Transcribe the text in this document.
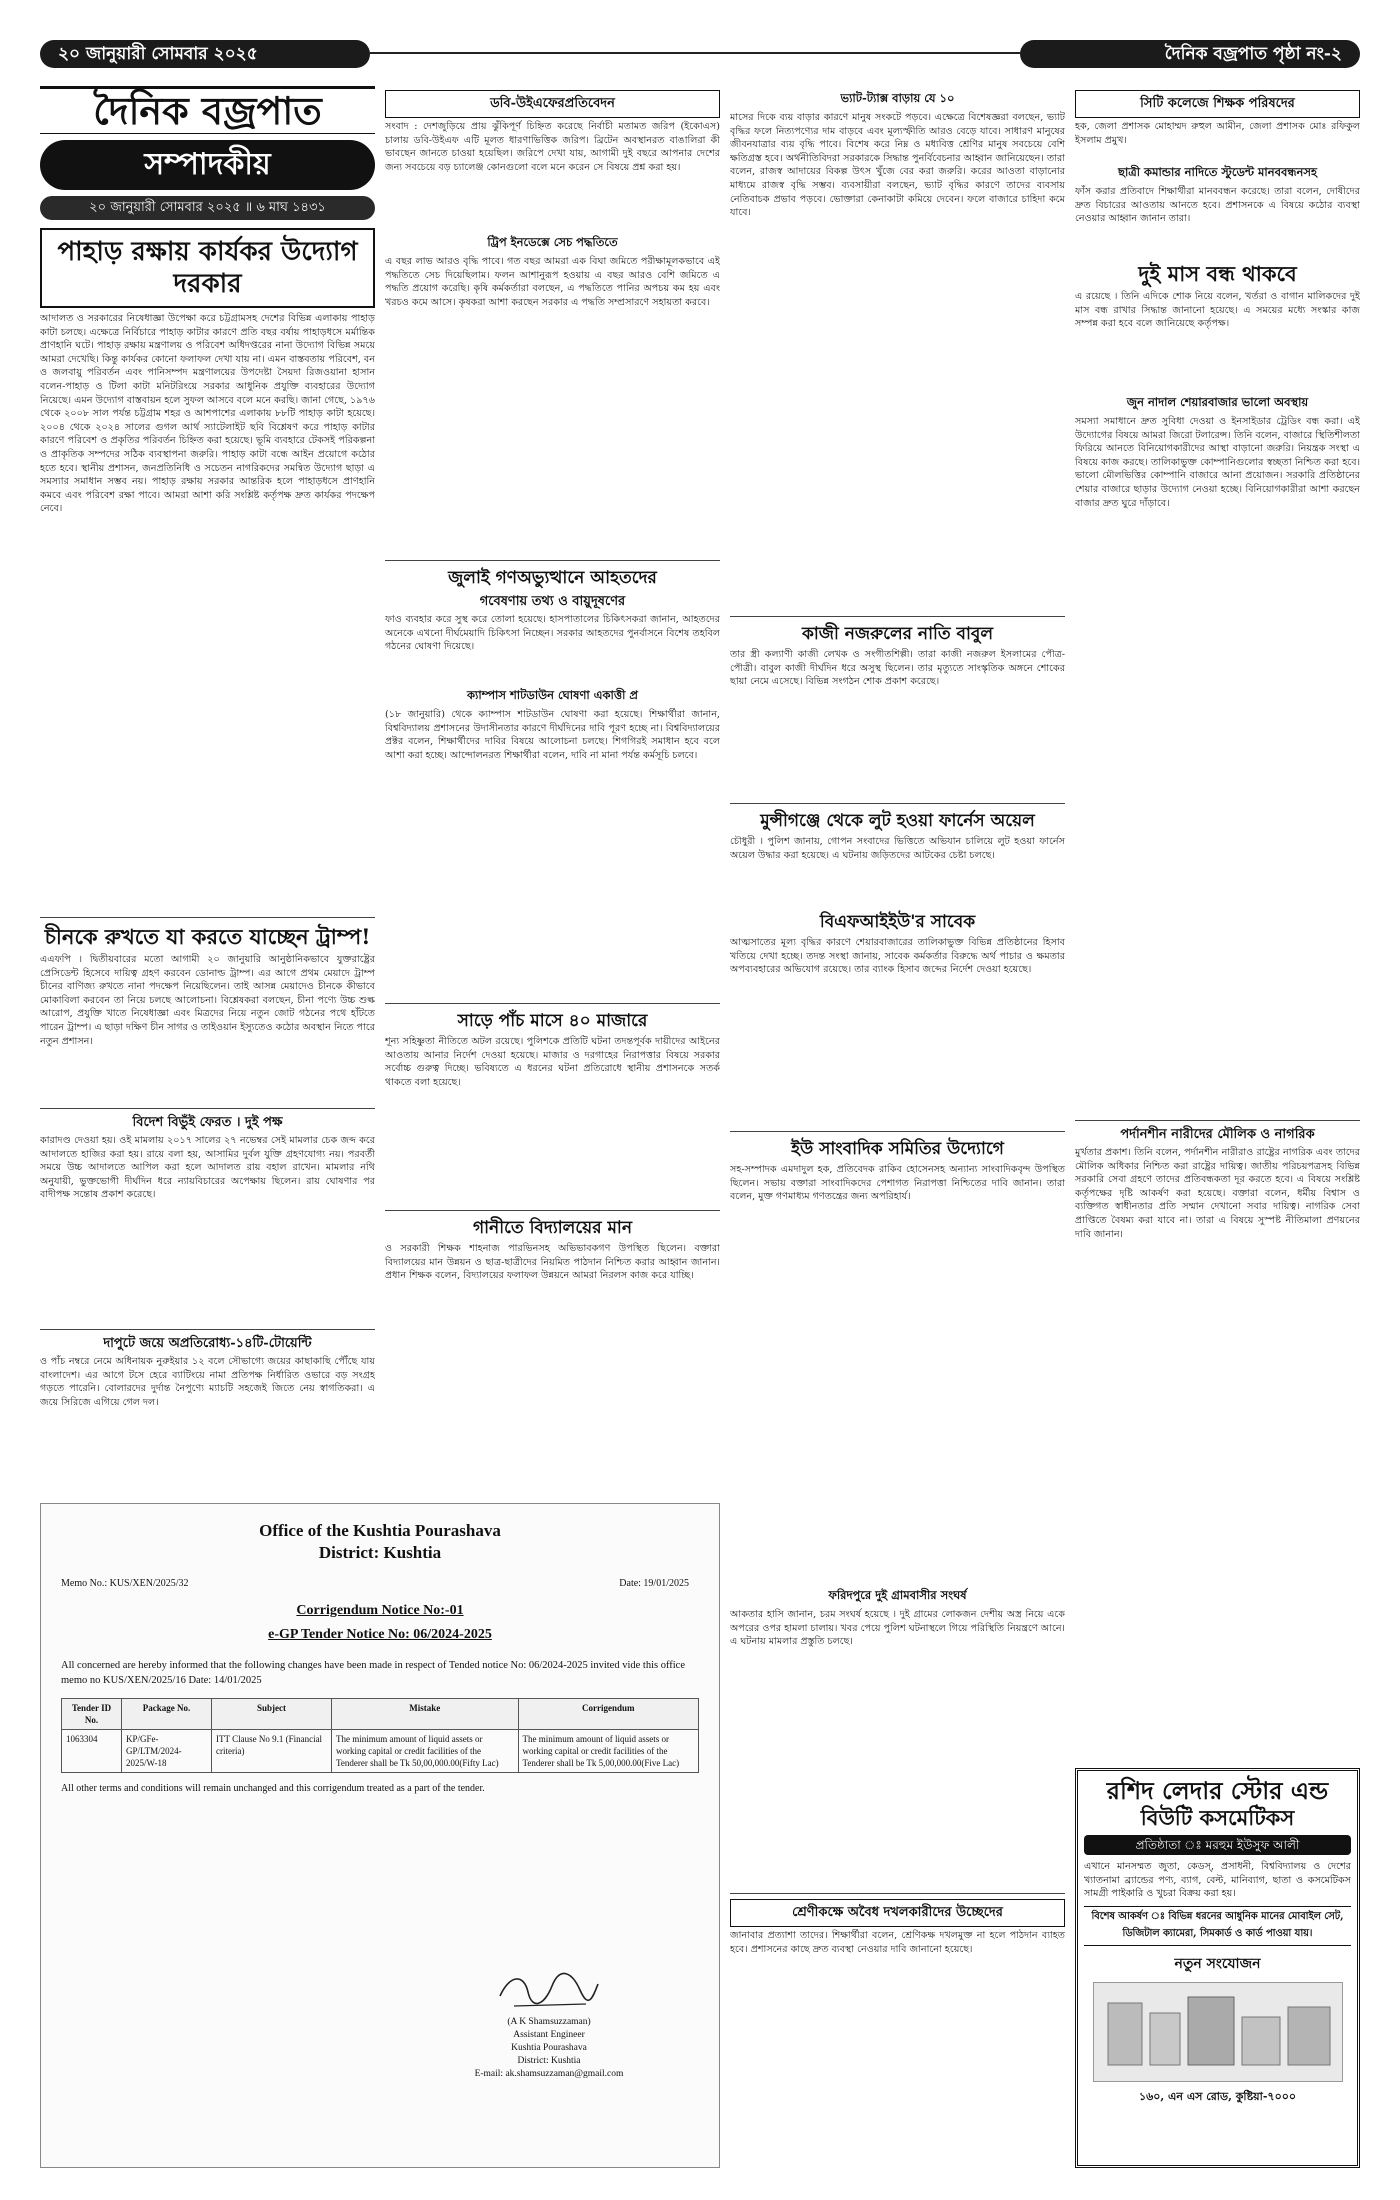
২০ জানুয়ারী সোমবার ২০২৫	দৈনিক বজ্রপাত পৃষ্ঠা নং-২
দৈনিক বজ্রপাত
সম্পাদকীয়
২০ জানুয়ারী সোমবার ২০২৫ ॥ ৬ মাঘ ১৪৩১
পাহাড় রক্ষায় কার্যকর উদ্যোগ দরকার
আদালত ও সরকারের নিষেধাজ্ঞা উপেক্ষা করে চট্টগ্রামসহ দেশের বিভিন্ন এলাকায় পাহাড় কাটা চলছে। এক্ষেত্রে নির্বিচারে পাহাড় কাটার কারণে প্রতি বছর বর্ষায় পাহাড়ধসে মর্মান্তিক প্রাণহানি ঘটে। পাহাড় রক্ষায় মন্ত্রণালয় ও পরিবেশ অধিদপ্তরের নানা উদ্যোগ বিভিন্ন সময়ে আমরা দেখেছি। কিন্তু কার্যকর কোনো ফলাফল দেখা যায় না। এমন বাস্তবতায় পরিবেশ, বন ও জলবায়ু পরিবর্তন এবং পানিসম্পদ মন্ত্রণালয়ের উপদেষ্টা সৈয়দা রিজওয়ানা হাসান বলেন-পাহাড় ও টিলা কাটা মনিটরিংয়ে সরকার আধুনিক প্রযুক্তি ব্যবহারের উদ্যোগ নিয়েছে। এমন উদ্যোগ বাস্তবায়ন হলে সুফল আসবে বলে মনে করছি। জানা গেছে, ১৯৭৬ থেকে ২০০৮ সাল পর্যন্ত চট্টগ্রাম শহর ও আশপাশের এলাকায় ৮৮টি পাহাড় কাটা হয়েছে। ২০০৪ থেকে ২০২৪ সালের গুগল আর্থ স্যাটেলাইট ছবি বিশ্লেষণ করে পাহাড় কাটার কারণে পরিবেশ ও প্রকৃতির পরিবর্তন চিহ্নিত করা হয়েছে। ভূমি ব্যবহারে টেকসই পরিকল্পনা ও প্রাকৃতিক সম্পদের সঠিক ব্যবস্থাপনা জরুরি। পাহাড় কাটা বন্ধে আইন প্রয়োগে কঠোর হতে হবে। স্থানীয় প্রশাসন, জনপ্রতিনিধি ও সচেতন নাগরিকদের সমন্বিত উদ্যোগ ছাড়া এ সমস্যার সমাধান সম্ভব নয়। পাহাড় রক্ষায় সরকার আন্তরিক হলে পাহাড়ধসে প্রাণহানি কমবে এবং পরিবেশ রক্ষা পাবে। আমরা আশা করি সংশ্লিষ্ট কর্তৃপক্ষ দ্রুত কার্যকর পদক্ষেপ নেবে।
চীনকে রুখতে যা করতে যাচ্ছেন ট্রাম্প!
এএফপি । দ্বিতীয়বারের মতো আগামী ২০ জানুয়ারি আনুষ্ঠানিকভাবে যুক্তরাষ্ট্রের প্রেসিডেন্ট হিসেবে দায়িত্ব গ্রহণ করবেন ডোনাল্ড ট্রাম্প। এর আগে প্রথম মেয়াদে ট্রাম্প চীনের বাণিজ্য রুখতে নানা পদক্ষেপ নিয়েছিলেন। তাই আসন্ন মেয়াদেও চীনকে কীভাবে মোকাবিলা করবেন তা নিয়ে চলছে আলোচনা। বিশ্লেষকরা বলছেন, চীনা পণ্যে উচ্চ শুল্ক আরোপ, প্রযুক্তি খাতে নিষেধাজ্ঞা এবং মিত্রদের নিয়ে নতুন জোট গঠনের পথে হাঁটতে পারেন ট্রাম্প। এ ছাড়া দক্ষিণ চীন সাগর ও তাইওয়ান ইস্যুতেও কঠোর অবস্থান নিতে পারে নতুন প্রশাসন।
বিদেশ বিভুঁই ফেরত । দুই পক্ষ
কারাদণ্ড দেওয়া হয়। ওই মামলায় ২০১৭ সালের ২৭ নভেম্বর সেই মামলার চেক জব্দ করে আদালতে হাজির করা হয়। রায়ে বলা হয়, আসামির দুর্বল যুক্তি গ্রহণযোগ্য নয়। পরবর্তী সময়ে উচ্চ আদালতে আপিল করা হলে আদালত রায় বহাল রাখেন। মামলার নথি অনুযায়ী, ভুক্তভোগী দীর্ঘদিন ধরে ন্যায়বিচারের অপেক্ষায় ছিলেন। রায় ঘোষণার পর বাদীপক্ষ সন্তোষ প্রকাশ করেছে।
দাপুটে জয়ে অপ্রতিরোধ্য-১৪টি-টোয়েন্টি
ও পাঁচ নম্বরে নেমে অধিনায়ক নুরুইয়ার ১২ বলে সৌভাগ্যে জয়ের কাছাকাছি পৌঁছে যায় বাংলাদেশ। এর আগে টসে হেরে ব্যাটিংয়ে নামা প্রতিপক্ষ নির্ধারিত ওভারে বড় সংগ্রহ গড়তে পারেনি। বোলারদের দুর্দান্ত নৈপুণ্যে ম্যাচটি সহজেই জিতে নেয় স্বাগতিকরা। এ জয়ে সিরিজে এগিয়ে গেল দল।
ডবি-উইএফেরপ্রতিবেদন
সংবাদ : দেশজুড়িয়ে প্রায় ঝুঁকিপূর্ণ চিহ্নিত করেছে নির্বাচী মতামত জরিপ (ইকোএস) চালায় ডবি-উইএফ এটি মূলত ধারণাভিত্তিক জরিপ। ব্রিটেন অবস্থানরত বাঙালিরা কী ভাবছেন জানতে চাওয়া হয়েছিল। জরিপে দেখা যায়, আগামী দুই বছরে আপনার দেশের জন্য সবচেয়ে বড় চ্যালেঞ্জ কোনগুলো বলে মনে করেন সে বিষয়ে প্রশ্ন করা হয়।
ট্রিপ ইনডেক্সে সেচ পদ্ধতিতে
এ বছর লাভ আরও বৃদ্ধি পাবে। গত বছর আমরা এক বিঘা জমিতে পরীক্ষামূলকভাবে এই পদ্ধতিতে সেচ দিয়েছিলাম। ফলন আশানুরূপ হওয়ায় এ বছর আরও বেশি জমিতে এ পদ্ধতি প্রয়োগ করেছি। কৃষি কর্মকর্তারা বলছেন, এ পদ্ধতিতে পানির অপচয় কম হয় এবং খরচও কমে আসে। কৃষকরা আশা করছেন সরকার এ পদ্ধতি সম্প্রসারণে সহায়তা করবে।
জুলাই গণঅভ্যুত্থানে আহতদের
গবেষণায় তথ্য ও বায়ুদূষণের
ফাও ব্যবহার করে সুস্থ করে তোলা হয়েছে। হাসপাতালের চিকিৎসকরা জানান, আহতদের অনেকে এখনো দীর্ঘমেয়াদি চিকিৎসা নিচ্ছেন। সরকার আহতদের পুনর্বাসনে বিশেষ তহবিল গঠনের ঘোষণা দিয়েছে।
ক্যাম্পাস শাটডাউন ঘোষণা একাত্তী প্র
(১৮ জানুয়ারি) থেকে ক্যাম্পাস শাটডাউন ঘোষণা করা হয়েছে। শিক্ষার্থীরা জানান, বিশ্ববিদ্যালয় প্রশাসনের উদাসীনতার কারণে দীর্ঘদিনের দাবি পূরণ হচ্ছে না। বিশ্ববিদ্যালয়ের প্রক্টর বলেন, শিক্ষার্থীদের দাবির বিষয়ে আলোচনা চলছে। শিগগিরই সমাধান হবে বলে আশা করা হচ্ছে। আন্দোলনরত শিক্ষার্থীরা বলেন, দাবি না মানা পর্যন্ত কর্মসূচি চলবে।
সাড়ে পাঁচ মাসে ৪০ মাজারে
শূন্য সহিষ্ণুতা নীতিতে অটল রয়েছে। পুলিশকে প্রতিটি ঘটনা তদন্তপূর্বক দায়ীদের আইনের আওতায় আনার নির্দেশ দেওয়া হয়েছে। মাজার ও দরগাহের নিরাপত্তার বিষয়ে সরকার সর্বোচ্চ গুরুত্ব দিচ্ছে। ভবিষ্যতে এ ধরনের ঘটনা প্রতিরোধে স্থানীয় প্রশাসনকে সতর্ক থাকতে বলা হয়েছে।
গানীতে বিদ্যালয়ের মান
ও সরকারী শিক্ষক শাহনাজ পারভিনসহ অভিভাবকগণ উপস্থিত ছিলেন। বক্তারা বিদ্যালয়ের মান উন্নয়ন ও ছাত্র-ছাত্রীদের নিয়মিত পাঠদান নিশ্চিত করার আহ্বান জানান। প্রধান শিক্ষক বলেন, বিদ্যালয়ের ফলাফল উন্নয়নে আমরা নিরলস কাজ করে যাচ্ছি।
ভ্যাট-ট্যাক্স বাড়ায় যে ১০
মাসের দিকে ব্যয় বাড়ার কারণে মানুষ সংকটে পড়বে। এক্ষেত্রে বিশেষজ্ঞরা বলছেন, ভ্যাট বৃদ্ধির ফলে নিত্যপণ্যের দাম বাড়বে এবং মূল্যস্ফীতি আরও বেড়ে যাবে। সাধারণ মানুষের জীবনযাত্রার ব্যয় বৃদ্ধি পাবে। বিশেষ করে নিম্ন ও মধ্যবিত্ত শ্রেণির মানুষ সবচেয়ে বেশি ক্ষতিগ্রস্ত হবে। অর্থনীতিবিদরা সরকারকে সিদ্ধান্ত পুনর্বিবেচনার আহ্বান জানিয়েছেন। তারা বলেন, রাজস্ব আদায়ের বিকল্প উৎস খুঁজে বের করা জরুরি। করের আওতা বাড়ানোর মাধ্যমে রাজস্ব বৃদ্ধি সম্ভব। ব্যবসায়ীরা বলছেন, ভ্যাট বৃদ্ধির কারণে তাদের ব্যবসায় নেতিবাচক প্রভাব পড়বে। ভোক্তারা কেনাকাটা কমিয়ে দেবেন। ফলে বাজারে চাহিদা কমে যাবে।
কাজী নজরুলের নাতি বাবুল
তার স্ত্রী কল্যাণী কাজী লেখক ও সংগীতশিল্পী। তারা কাজী নজরুল ইসলামের পৌত্র-পৌত্রী। বাবুল কাজী দীর্ঘদিন ধরে অসুস্থ ছিলেন। তার মৃত্যুতে সাংস্কৃতিক অঙ্গনে শোকের ছায়া নেমে এসেছে। বিভিন্ন সংগঠন শোক প্রকাশ করেছে।
মুন্সীগঞ্জে থেকে লুট হওয়া ফার্নেস অয়েল
চৌধুরী । পুলিশ জানায়, গোপন সংবাদের ভিত্তিতে অভিযান চালিয়ে লুট হওয়া ফার্নেস অয়েল উদ্ধার করা হয়েছে। এ ঘটনায় জড়িতদের আটকের চেষ্টা চলছে।
বিএফআইইউ'র সাবেক
আত্মসাতের মূল্য বৃদ্ধির কারণে শেয়ারবাজারের তালিকাভুক্ত বিভিন্ন প্রতিষ্ঠানের হিসাব খতিয়ে দেখা হচ্ছে। তদন্ত সংস্থা জানায়, সাবেক কর্মকর্তার বিরুদ্ধে অর্থ পাচার ও ক্ষমতার অপব্যবহারের অভিযোগ রয়েছে। তার ব্যাংক হিসাব জব্দের নির্দেশ দেওয়া হয়েছে।
ইউ সাংবাদিক সমিতির উদ্যোগে
সহ-সম্পাদক এমদাদুল হক, প্রতিবেদক রাকিব হোসেনসহ অন্যান্য সাংবাদিকবৃন্দ উপস্থিত ছিলেন। সভায় বক্তারা সাংবাদিকদের পেশাগত নিরাপত্তা নিশ্চিতের দাবি জানান। তারা বলেন, মুক্ত গণমাধ্যম গণতন্ত্রের জন্য অপরিহার্য।
ফরিদপুরে দুই গ্রামবাসীর সংঘর্ষ
আকতার হাসি জানান, চরম সংঘর্ষ হয়েছে । দুই গ্রামের লোকজন দেশীয় অস্ত্র নিয়ে একে অপরের ওপর হামলা চালায়। খবর পেয়ে পুলিশ ঘটনাস্থলে গিয়ে পরিস্থিতি নিয়ন্ত্রণে আনে। এ ঘটনায় মামলার প্রস্তুতি চলছে।
শ্রেণীকক্ষে অবৈধ দখলকারীদের উচ্ছেদের
জানাবার প্রত্যাশা তাদের। শিক্ষার্থীরা বলেন, শ্রেণিকক্ষ দখলমুক্ত না হলে পাঠদান ব্যাহত হবে। প্রশাসনের কাছে দ্রুত ব্যবস্থা নেওয়ার দাবি জানানো হয়েছে।
সিটি কলেজে শিক্ষক পরিষদের
হক, জেলা প্রশাসক মোহাম্মদ রুহুল আমীন, জেলা প্রশাসক মোঃ রফিকুল ইসলাম প্রমুখ।
ছাত্রী কমান্ডার নাদিতে স্টুডেন্ট মানববন্ধনসহ
ফাঁস করার প্রতিবাদে শিক্ষার্থীরা মানববন্ধন করেছে। তারা বলেন, দোষীদের দ্রুত বিচারের আওতায় আনতে হবে। প্রশাসনকে এ বিষয়ে কঠোর ব্যবস্থা নেওয়ার আহ্বান জানান তারা।
দুই মাস বন্ধ থাকবে
এ রয়েছে । তিনি এদিকে শোক নিয়ে বলেন, খর্তরা ও বাগান মালিকদের দুই মাস বন্ধ রাখার সিদ্ধান্ত জানানো হয়েছে। এ সময়ের মধ্যে সংস্কার কাজ সম্পন্ন করা হবে বলে জানিয়েছে কর্তৃপক্ষ।
জুন নাদাল শেয়ারবাজার ভালো অবস্থায়
সমস্যা সমাধানে দ্রুত সুবিধা দেওয়া ও ইনসাইডার ট্রেডিং বন্ধ করা। এই উদ্যোগের বিষয়ে আমরা জিরো টলারেন্স। তিনি বলেন, বাজারে স্থিতিশীলতা ফিরিয়ে আনতে বিনিয়োগকারীদের আস্থা বাড়ানো জরুরি। নিয়ন্ত্রক সংস্থা এ বিষয়ে কাজ করছে। তালিকাভুক্ত কোম্পানিগুলোর স্বচ্ছতা নিশ্চিত করা হবে। ভালো মৌলভিত্তির কোম্পানি বাজারে আনা প্রয়োজন। সরকারি প্রতিষ্ঠানের শেয়ার বাজারে ছাড়ার উদ্যোগ নেওয়া হচ্ছে। বিনিয়োগকারীরা আশা করছেন বাজার দ্রুত ঘুরে দাঁড়াবে।
পর্দানশীন নারীদের মৌলিক ও নাগরিক
মুর্খতার প্রকাশ। তিনি বলেন, পর্দানশীন নারীরাও রাষ্ট্রের নাগরিক এবং তাদের মৌলিক অধিকার নিশ্চিত করা রাষ্ট্রের দায়িত্ব। জাতীয় পরিচয়পত্রসহ বিভিন্ন সরকারি সেবা গ্রহণে তাদের প্রতিবন্ধকতা দূর করতে হবে। এ বিষয়ে সংশ্লিষ্ট কর্তৃপক্ষের দৃষ্টি আকর্ষণ করা হয়েছে। বক্তারা বলেন, ধর্মীয় বিশ্বাস ও ব্যক্তিগত স্বাধীনতার প্রতি সম্মান দেখানো সবার দায়িত্ব। নাগরিক সেবা প্রাপ্তিতে বৈষম্য করা যাবে না। তারা এ বিষয়ে সুস্পষ্ট নীতিমালা প্রণয়নের দাবি জানান।
Office of the Kushtia Pourashava
District: Kushtia
Memo No.: KUS/XEN/2025/32	Date: 19/01/2025
Corrigendum Notice No:-01
e-GP Tender Notice No: 06/2024-2025
All concerned are hereby informed that the following changes have been made in respect of Tended notice No: 06/2024-2025 invited vide this office memo no KUS/XEN/2025/16 Date: 14/01/2025
Tender ID No.	Package No.	Subject	Mistake	Corrigendum
1063304	KP/GFe-GP/LTM/2024-2025/W-18	ITT Clause No 9.1 (Financial criteria)	The minimum amount of liquid assets or working capital or credit facilities of the Tenderer shall be Tk 50,00,000.00(Fifty Lac)	The minimum amount of liquid assets or working capital or credit facilities of the Tenderer shall be Tk 5,00,000.00(Five Lac)
All other terms and conditions will remain unchanged and this corrigendum treated as a part of the tender.
(A K Shamsuzzaman)
Assistant Engineer
Kushtia Pourashava
District: Kushtia
E-mail: ak.shamsuzzaman@gmail.com
রশিদ লেদার স্টোর এন্ড
বিউটি কসমেটিকস
প্রতিষ্ঠাতা ঃ মরহুম ইউসুফ আলী
এখানে মানসম্মত জুতা, কেডস্‌, প্রসাধনী, বিশ্ববিদ্যালয় ও দেশের খ্যাতনামা ব্র্যান্ডের পণ্য, ব্যাগ, বেল্ট, মানিব্যাগ, ছাতা ও কসমেটিকস সামগ্রী পাইকারি ও খুচরা বিক্রয় করা হয়।
বিশেষ আকর্ষণ ঃ বিভিন্ন ধরনের আধুনিক মানের মোবাইল সেট, ডিজিটাল ক্যামেরা, সিমকার্ড ও কার্ড পাওয়া যায়।
নতুন সংযোজন
১৬০, এন এস রোড, কুষ্টিয়া-৭০০০
